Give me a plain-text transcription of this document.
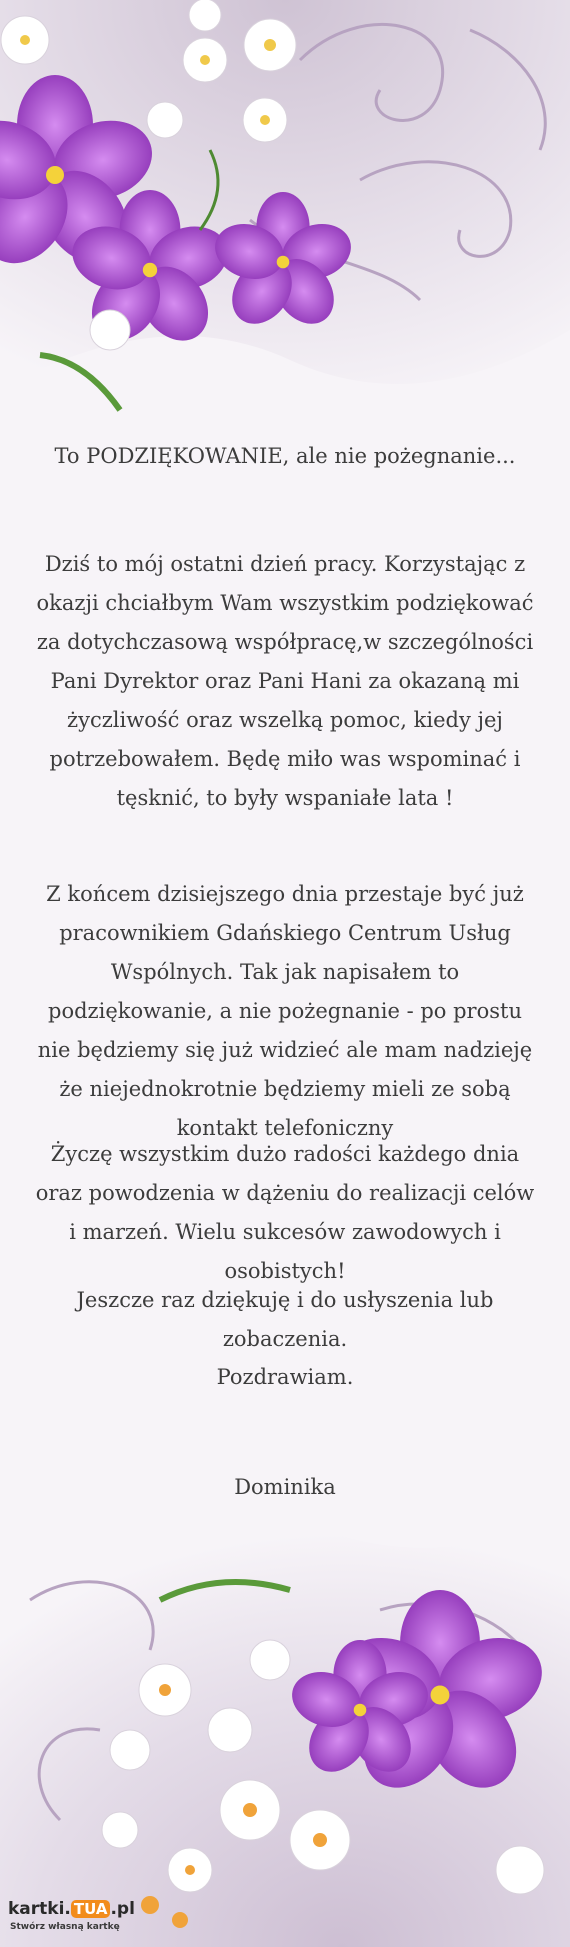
To PODZIĘKOWANIE, ale nie pożegnanie...
Dziś to mój ostatni dzień pracy. Korzystając z okazji chciałbym Wam wszystkim podziękować za dotychczasową współpracę,w szczególności Pani Dyrektor oraz Pani Hani za okazaną mi życzliwość oraz wszelką pomoc, kiedy jej potrzebowałem. Będę miło was wspominać i tęsknić, to były wspaniałe lata !
Z końcem dzisiejszego dnia przestaje być już pracownikiem Gdańskiego Centrum Usług Wspólnych. Tak jak napisałem to podziękowanie, a nie pożegnanie - po prostu nie będziemy się już widzieć ale mam nadzieję że niejednokrotnie będziemy mieli ze sobą kontakt telefoniczny
Życzę wszystkim dużo radości każdego dnia oraz powodzenia w dążeniu do realizacji celów i marzeń. Wielu sukcesów zawodowych i osobistych!
Jeszcze raz dziękuję i do usłyszenia lub zobaczenia.
Pozdrawiam.
Dominika
kartki. TUA .pl
Stwórz własną kartkę
